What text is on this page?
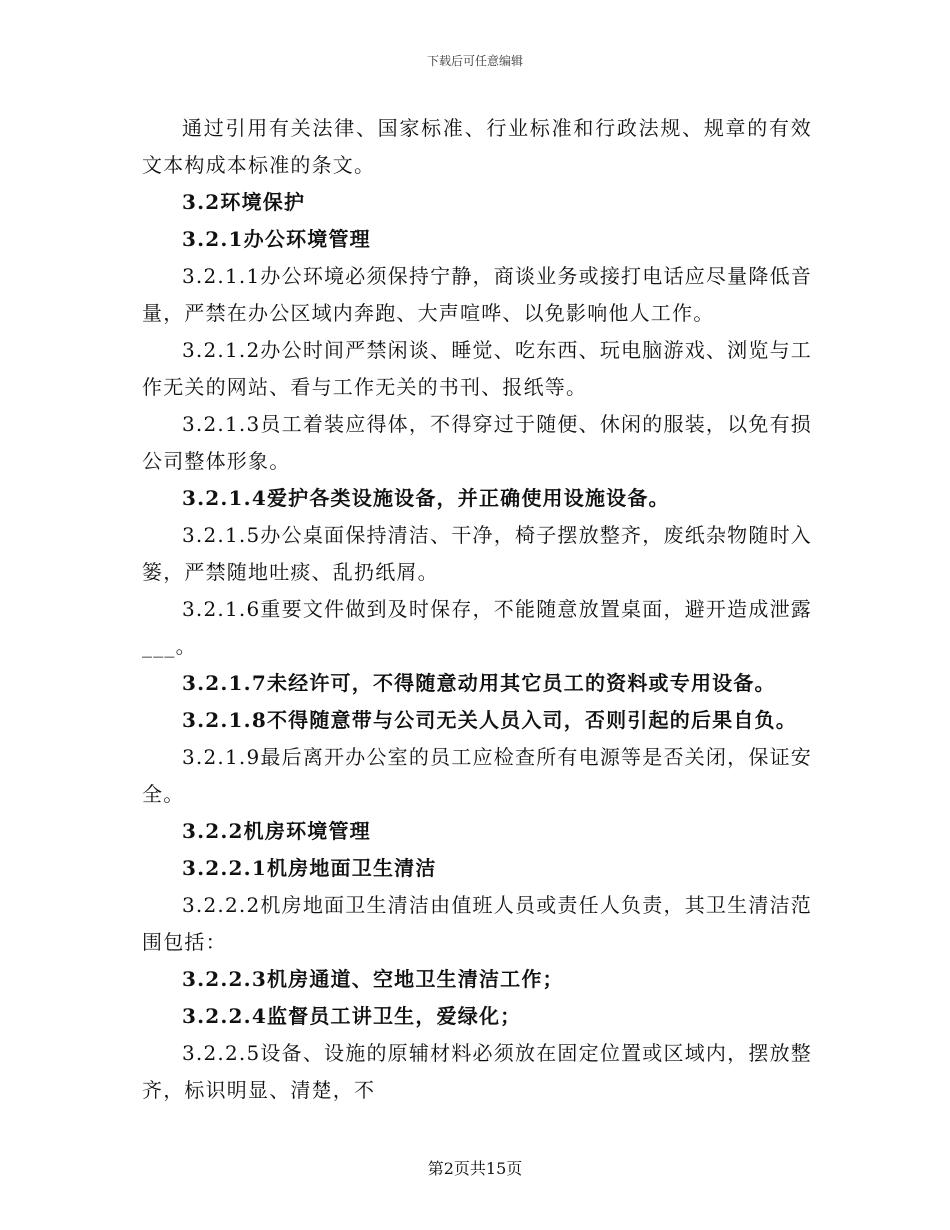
下载后可任意编辑

通过引用有关法律、国家标准、行业标准和行政法规、规章的有效文本构成本标准的条文。

3.2环境保护

3.2.1办公环境管理

3.2.1.1办公环境必须保持宁静，商谈业务或接打电话应尽量降低音量，严禁在办公区域内奔跑、大声喧哗、以免影响他人工作。

3.2.1.2办公时间严禁闲谈、睡觉、吃东西、玩电脑游戏、浏览与工作无关的网站、看与工作无关的书刊、报纸等。

3.2.1.3员工着装应得体，不得穿过于随便、休闲的服装，以免有损公司整体形象。

3.2.1.4爱护各类设施设备，并正确使用设施设备。

3.2.1.5办公桌面保持清洁、干净，椅子摆放整齐，废纸杂物随时入篓，严禁随地吐痰、乱扔纸屑。

3.2.1.6重要文件做到及时保存，不能随意放置桌面，避开造成泄露___。

3.2.1.7未经许可，不得随意动用其它员工的资料或专用设备。

3.2.1.8不得随意带与公司无关人员入司，否则引起的后果自负。

3.2.1.9最后离开办公室的员工应检查所有电源等是否关闭，保证安全。

3.2.2机房环境管理

3.2.2.1机房地面卫生清洁

3.2.2.2机房地面卫生清洁由值班人员或责任人负责，其卫生清洁范围包括：

3.2.2.3机房通道、空地卫生清洁工作；

3.2.2.4监督员工讲卫生，爱绿化；

3.2.2.5设备、设施的原辅材料必须放在固定位置或区域内，摆放整齐，标识明显、清楚，不

第2页共15页
